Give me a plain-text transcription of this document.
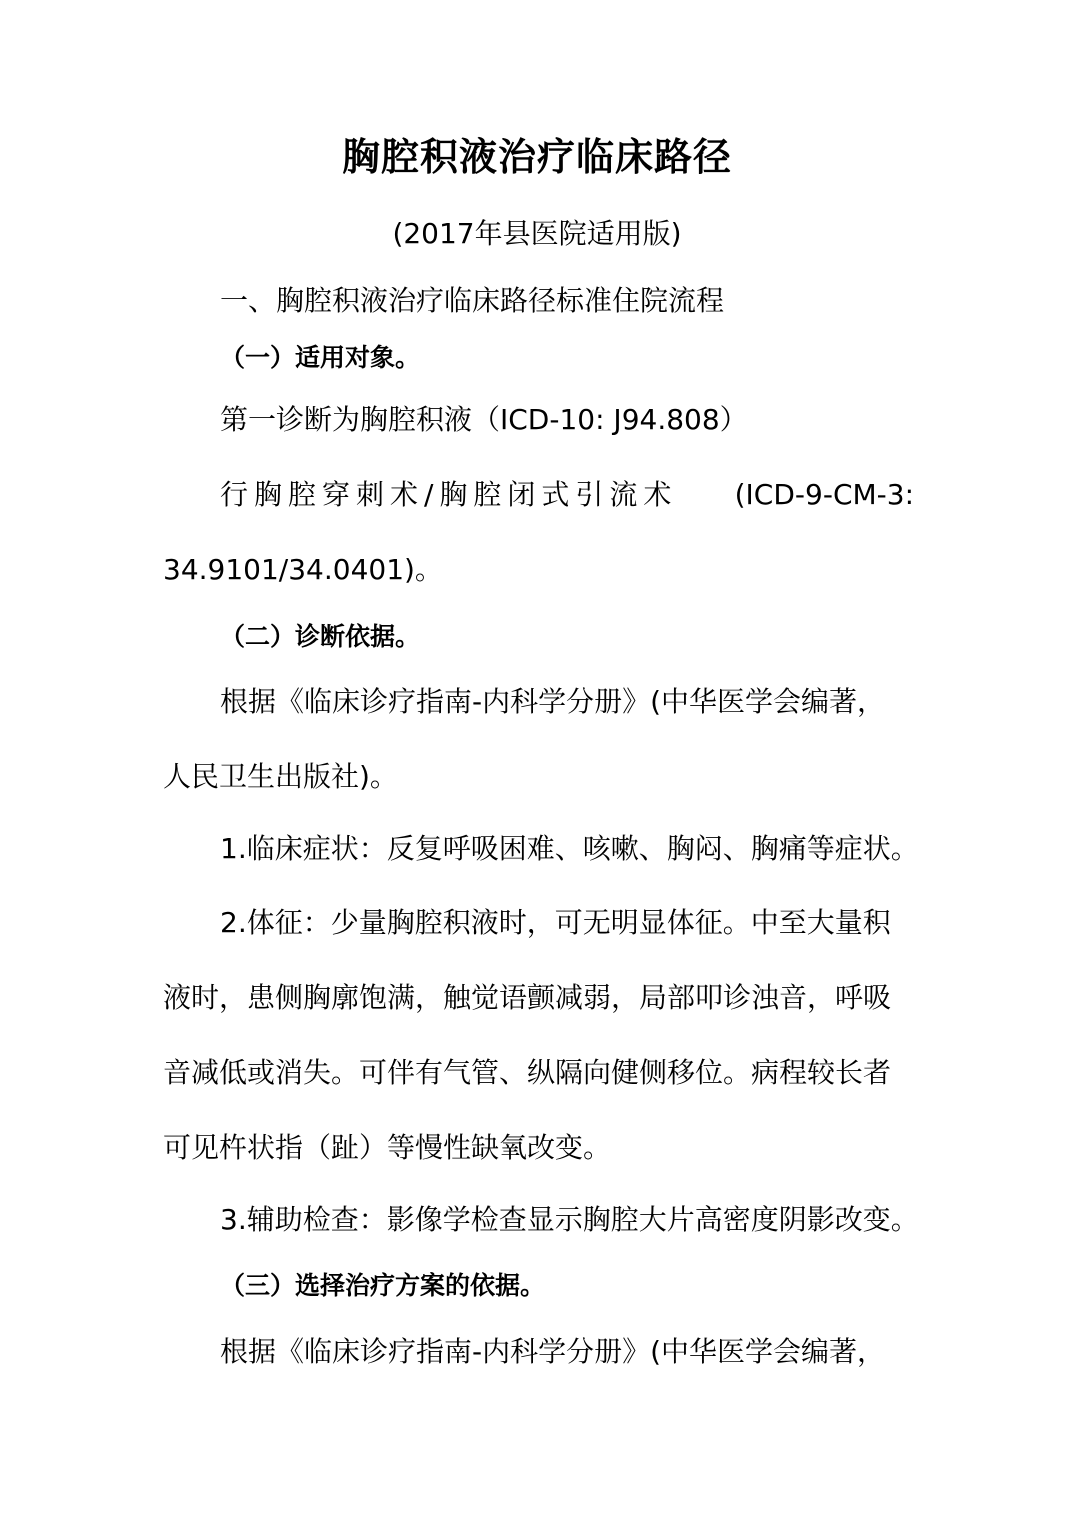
胸腔积液治疗临床路径
(2017年县医院适用版)
一、胸腔积液治疗临床路径标准住院流程
（一）适用对象。
第一诊断为胸腔积液（ICD-10: J94.808）
行胸腔穿刺术/胸腔闭式引流术 (ICD-9-CM-3:
34.9101/34.0401)。
（二）诊断依据。
根据《临床诊疗指南-内科学分册》(中华医学会编著，
人民卫生出版社)。
1.临床症状：反复呼吸困难、咳嗽、胸闷、胸痛等症状。
2.体征：少量胸腔积液时，可无明显体征。中至大量积
液时，患侧胸廓饱满，触觉语颤减弱，局部叩诊浊音，呼吸
音减低或消失。可伴有气管、纵隔向健侧移位。病程较长者
可见杵状指（趾）等慢性缺氧改变。
3.辅助检查：影像学检查显示胸腔大片高密度阴影改变。
（三）选择治疗方案的依据。
根据《临床诊疗指南-内科学分册》(中华医学会编著，
